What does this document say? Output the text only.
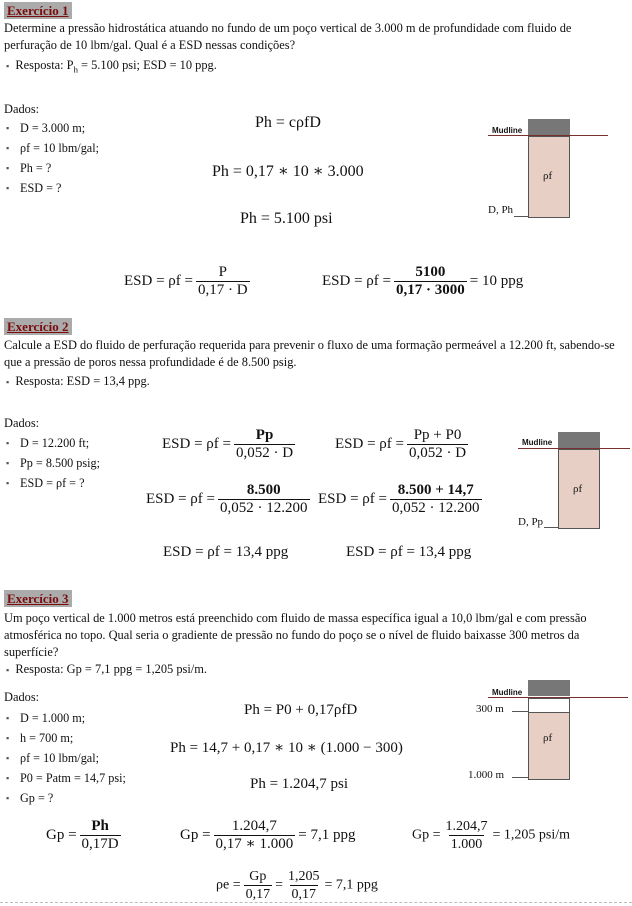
Exercício 1
Determine a pressão hidrostática atuando no fundo de um poço vertical de 3.000 m de profundidade com fluido de perfuração de 10 lbm/gal. Qual é a ESD nessas condições?
▪ Resposta: $P_h = 5.100$ psi; ESD = 10 ppg.
Dados:
▪ D = 3.000 m;
▪ ρf = 10 lbm/gal;
▪ Ph = ?
▪ ESD = ?
Ph = cρfD
Ph = 0,17 ∗ 10 ∗ 3.000
Ph = 5.100 psi
ESD = $\rho f = \frac{P}{0,17 \cdot D}$	ESD = $\rho f = \frac{5100}{0,17 \cdot 3000} = 10$ ppg
Mudline
ρf
D, Ph
Exercício 2
Calcule a ESD do fluido de perfuração requerida para prevenir o fluxo de uma formação permeável a 12.200 ft, sabendo-se que a pressão de poros nessa profundidade é de 8.500 psig.
▪ Resposta: ESD = 13,4 ppg.
Dados:
▪ D = 12.200 ft;
▪ Pp = 8.500 psig;
▪ ESD = ρf = ?
ESD = $\rho f = \frac{Pp}{0,052 \cdot D}$	ESD = $\rho f = \frac{Pp + P0}{0,052 \cdot D}$
ESD = $\rho f = \frac{8.500}{0,052 \cdot 12.200}$ ESD = $\rho f = \frac{8.500 + 14,7}{0,052 \cdot 12.200}$
ESD = ρf = 13,4 ppg	ESD = ρf = 13,4 ppg
Mudline
ρf
D, Pp
Exercício 3
Um poço vertical de 1.000 metros está preenchido com fluido de massa específica igual a 10,0 lbm/gal e com pressão atmosférica no topo. Qual seria o gradiente de pressão no fundo do poço se o nível de fluido baixasse 300 metros da superfície?
▪ Resposta: Gp = 7,1 ppg = 1,205 psi/m.
Dados:
▪ D = 1.000 m;
▪ h = 700 m;
▪ ρf = 10 lbm/gal;
▪ P0 = Patm = 14,7 psi;
▪ Gp = ?
Ph = P0 + 0,17ρfD
Ph = 14,7 + 0,17 ∗ 10 ∗ (1.000 − 300)
Ph = 1.204,7 psi
$Gp = \frac{Ph}{0,17D}$	$Gp = \frac{1.204,7}{0,17 ∗ 1.000} = 7,1$ ppg	$Gp = \frac{1.204,7}{1.000} = 1,205$ psi/m
$\rho e = \frac{Gp}{0,17} = \frac{1,205}{0,17} = 7,1$ ppg
Mudline
ρf
300 m
1.000 m
